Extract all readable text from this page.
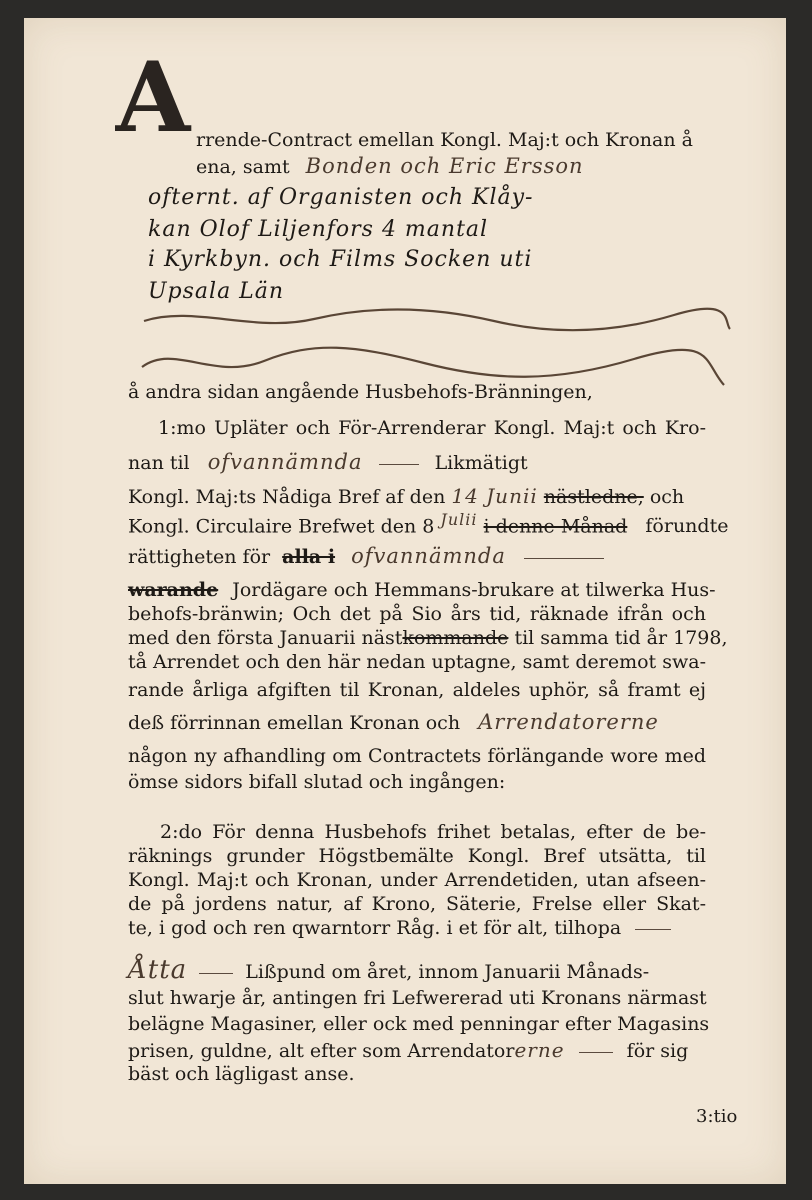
A rrende-Contract emellan Kongl. Maj:t och Kronan å
ena, samt Bonden och Eric Ersson
ofternt. af Organisten och Klåy-
kan Olof Liljenfors 4 mantal
i Kyrkbyn. och Films Socken uti
Upsala Län
å andra sidan angående Husbehofs-Bränningen,
1:mo Upläter och För-Arrenderar Kongl. Maj:t och Kro-
nan til ofvannämnda	Likmätigt
Kongl. Maj:ts Nådiga Bref af den 14 Junii nästledne, och
Kongl. Circulaire Brefwet den 8 $^{Julii}$ i denne Månad förundte
rättigheten för alla i ofvannämnda
warande Jordägare och Hemmans-brukare at tilwerka Hus-
behofs-bränwin; Och det på Sio års tid, räknade ifrån och
med den första Januarii nästkommande til samma tid år 1798,
tå Arrendet och den här nedan uptagne, samt deremot swa-
rande årliga afgiften til Kronan, aldeles uphör, så framt ej
deß förrinnan emellan Kronan och Arrendatorerne
någon ny afhandling om Contractets förlängande wore med
ömse sidors bifall slutad och ingången:
2:do För denna Husbehofs frihet betalas, efter de be-
räknings grunder Högstbemälte Kongl. Bref utsätta, til
Kongl. Maj:t och Kronan, under Arrendetiden, utan afseen-
de på jordens natur, af Krono, Säterie, Frelse eller Skat-
te, i god och ren qwarntorr Råg. i et för alt, tilhopa
Åtta	Lißpund om året, innom Januarii Månads-
slut hwarje år, antingen fri Lefwererad uti Kronans närmast
belägne Magasiner, eller ock med penningar efter Magasins
prisen, guldne, alt efter som Arrendatorerne	för sig
bäst och lägligast anse.
3:tio
